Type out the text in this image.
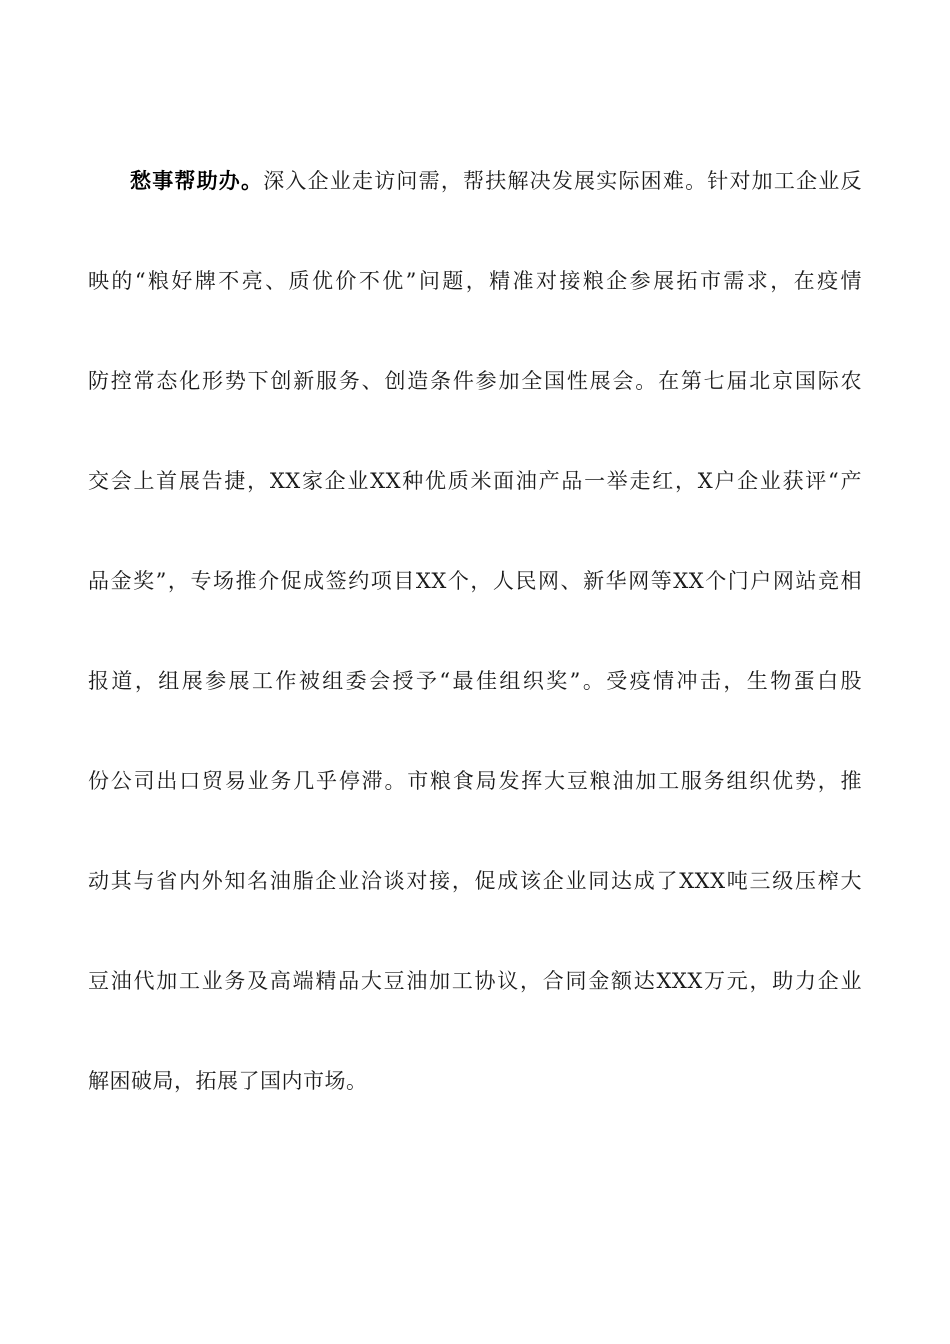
愁事帮助办。深入企业走访问需，帮扶解决发展实际困难。针对加工企业反
映的“粮好牌不亮、质优价不优”问题，精准对接粮企参展拓市需求，在疫情
防控常态化形势下创新服务、创造条件参加全国性展会。在第七届北京国际农
交会上首展告捷，XX家企业XX种优质米面油产品一举走红，X户企业获评“产
品金奖”，专场推介促成签约项目XX个，人民网、新华网等XX个门户网站竞相
报道，组展参展工作被组委会授予“最佳组织奖”。受疫情冲击，生物蛋白股
份公司出口贸易业务几乎停滞。市粮食局发挥大豆粮油加工服务组织优势，推
动其与省内外知名油脂企业洽谈对接，促成该企业同达成了XXX吨三级压榨大
豆油代加工业务及高端精品大豆油加工协议，合同金额达XXX万元，助力企业
解困破局，拓展了国内市场。
